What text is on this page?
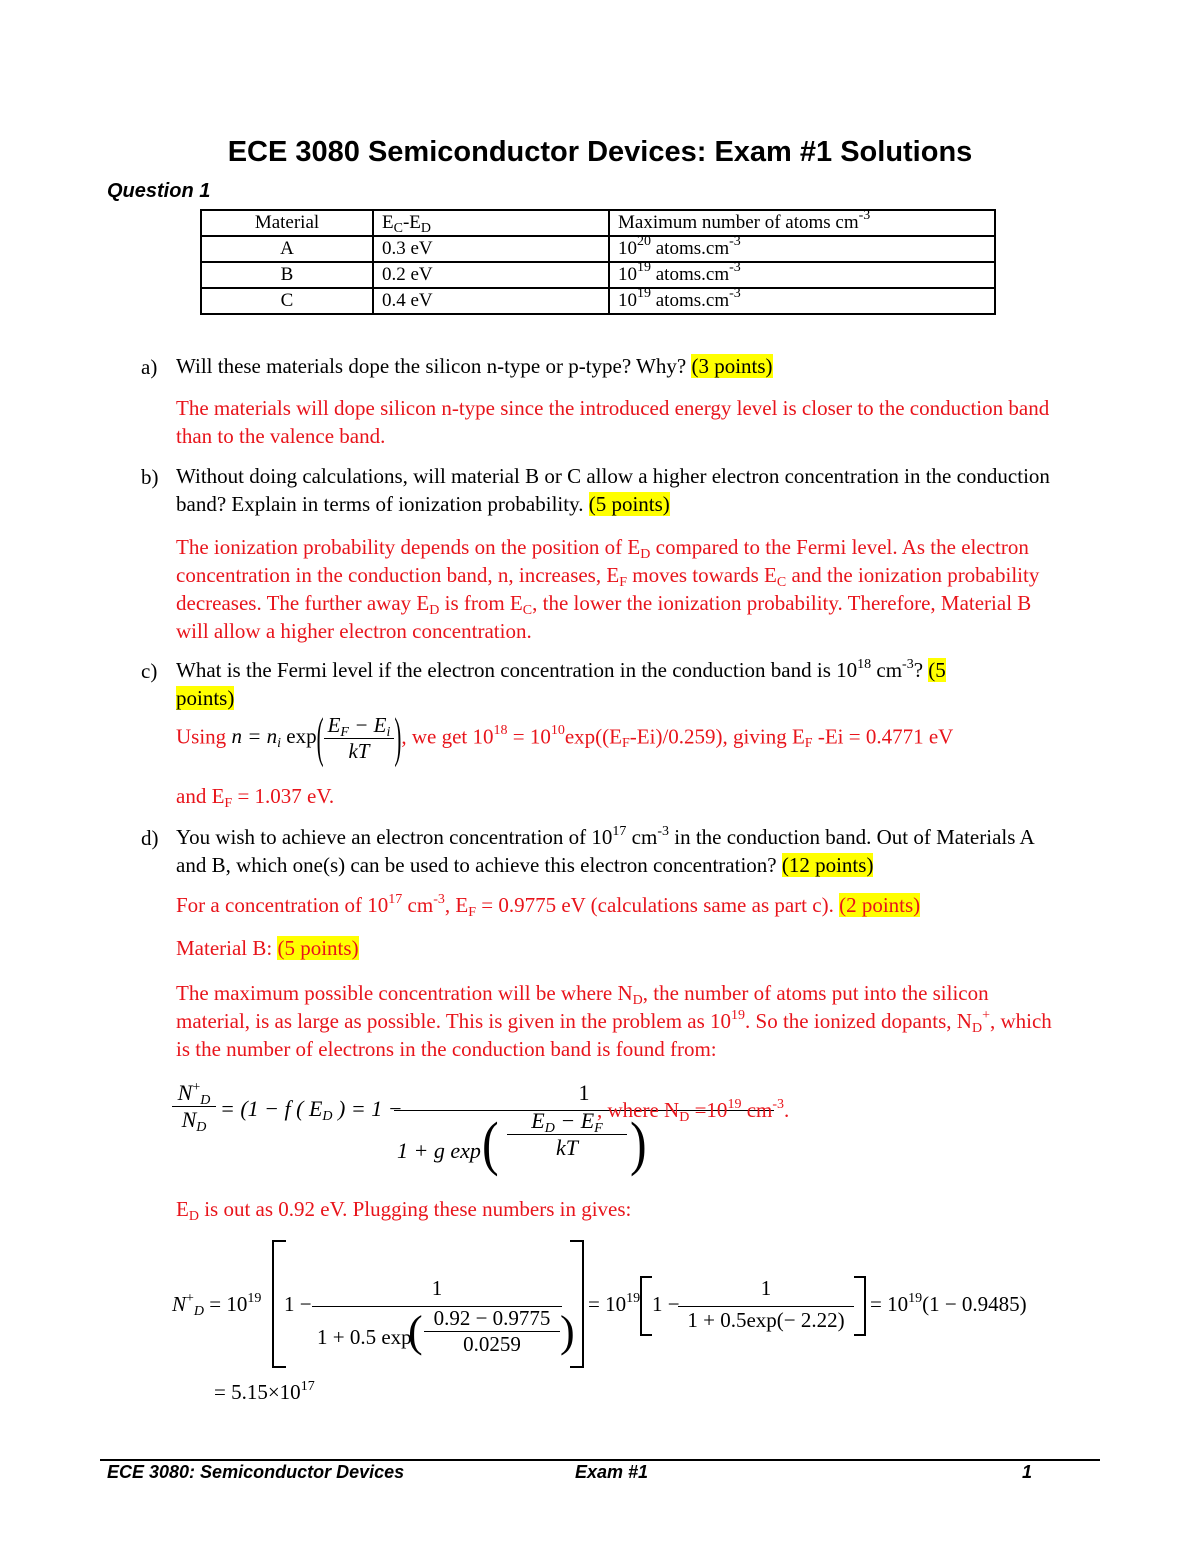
ECE 3080 Semiconductor Devices: Exam #1 Solutions
Question 1
Material	$E_C-E_D$	Maximum number of atoms $cm^{-3}$
A	0.3 eV	$10^{20}$ $atoms.cm^{-3}$
B	0.2 eV	$10^{19}$ $atoms.cm^{-3}$
C	0.4 eV	$10^{19}$ $atoms.cm^{-3}$
a) Will these materials dope the silicon n-type or p-type? Why? (3 points)
The materials will dope silicon n-type since the introduced energy level is closer to the conduction band than to the valence band.
b) Without doing calculations, will material B or C allow a higher electron concentration in the conduction band? Explain in terms of ionization probability. (5 points)
The ionization probability depends on the position of $E_D$ compared to the Fermi level. As the electron concentration in the conduction band, n, increases, $E_F$ moves towards $E_C$ and the ionization probability decreases. The further away $E_D$ is from $E_C$, the lower the ionization probability. Therefore, Material B will allow a higher electron concentration.
c) What is the Fermi level if the electron concentration in the conduction band is $10^{18}$ $cm^{-3}$? (5
points)
Using $n = n_i$ $\exp( \frac{E_F - E_i}{kT}$ ), we get $10^{18} = 10^{10}\exp((E_F-Ei)/0.259)$, giving $E_F$ -Ei = 0.4771 eV
and $E_F = 1.037$ eV.
d) You wish to achieve an electron concentration of $10^{17}$ $cm^{-3}$ in the conduction band. Out of Materials A and B, which one(s) can be used to achieve this electron concentration? (12 points)
For a concentration of $10^{17}$ $cm^{-3}$, $E_F = 0.9775$ eV (calculations same as part c). (2 points)
Material B: (5 points)
The maximum possible concentration will be where $N_D$, the number of atoms put into the silicon material, is as large as possible. This is given in the problem as $10^{19}$. So the ionized dopants, $N_D^+$, which is the number of electrons in the conduction band is found from:
$N^+_D$
$N_D$
= (1 − f ( $E_D$ ) = 1 −
1
1 + g exp (	$E_D - E_F$
kT	)
, where $N_D =10^{19}$ $cm^{-3}$.
$E_D$ is out as 0.92 eV. Plugging these numbers in gives:
$N^+_D = 10^{19}$ 1 −
1
1 + 0.5 exp
( 0.92 − 0.9775
0.0259 )
= $10^{19}$ 1 −
1
1 + 0.5exp(− 2.22)
= $10^{19}(1 - 0.9485)$
= $5.15\times 10^{17}$
ECE 3080: Semiconductor Devices	Exam #1	1
